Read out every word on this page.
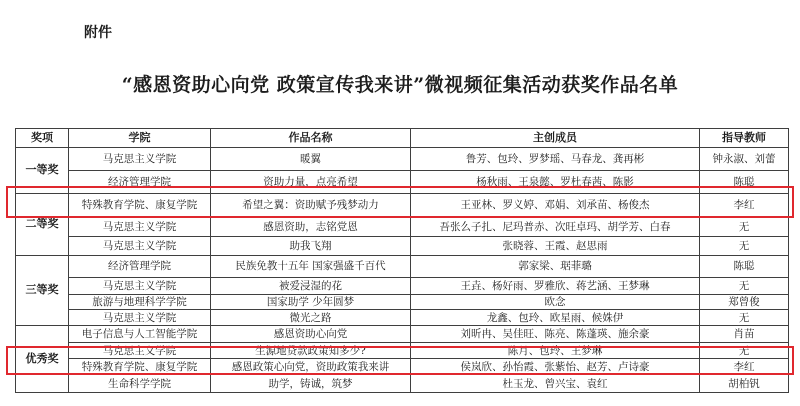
附件
“感恩资助心向党 政策宣传我来讲”微视频征集活动获奖作品名单
奖项	学院	作品名称	主创成员	指导教师
一等奖	马克思主义学院	暖翼	鲁芳、包玲、罗梦瑶、马春龙、龚再彬	钟永淑、刘蕾
	经济管理学院	资助力量，点亮希望	杨秋雨、王泉懿、罗杜春茜、陈影	陈聪
二等奖	特殊教育学院、康复学院	希望之翼：资助赋予残梦动力	王亚林、罗义婷、邓娟、刘承苗、杨俊杰	李红
	马克思主义学院	感恩资助，志铭党恩	吾张么子扎、尼玛普赤、次旺卓玛、胡学芳、白春	无
	马克思主义学院	助我飞翔	张晓蓉、王霞、赵思雨	无
三等奖	经济管理学院	民族免教十五年 国家强盛千百代	郭家梁、琚菲璐	陈聪
	马克思主义学院	被爱浸湿的花	王垚、杨好雨、罗雅欣、蒋艺涵、王梦琳	无
	旅游与地理科学学院	国家助学 少年圆梦	欧念	郑曾俊
	马克思主义学院	微光之路	龙鑫、包玲、欧星雨、候姝伊	无
优秀奖	电子信息与人工智能学院	感恩资助心向党	刘昕冉、吴佳旺、陈亮、陈蓬瑛、施余豪	肖苗
	马克思主义学院	生源地贷款政策知多少?	陈月、包玲、王梦琳	无
	特殊教育学院、康复学院	感恩政策心向党，资助政策我来讲	侯岚欣、孙怡霞、张紫怡、赵芳、卢诗豪	李红
	生命科学学院	助学，铸诚，筑梦	杜玉龙、曾兴宝、袁红	胡柏钒
